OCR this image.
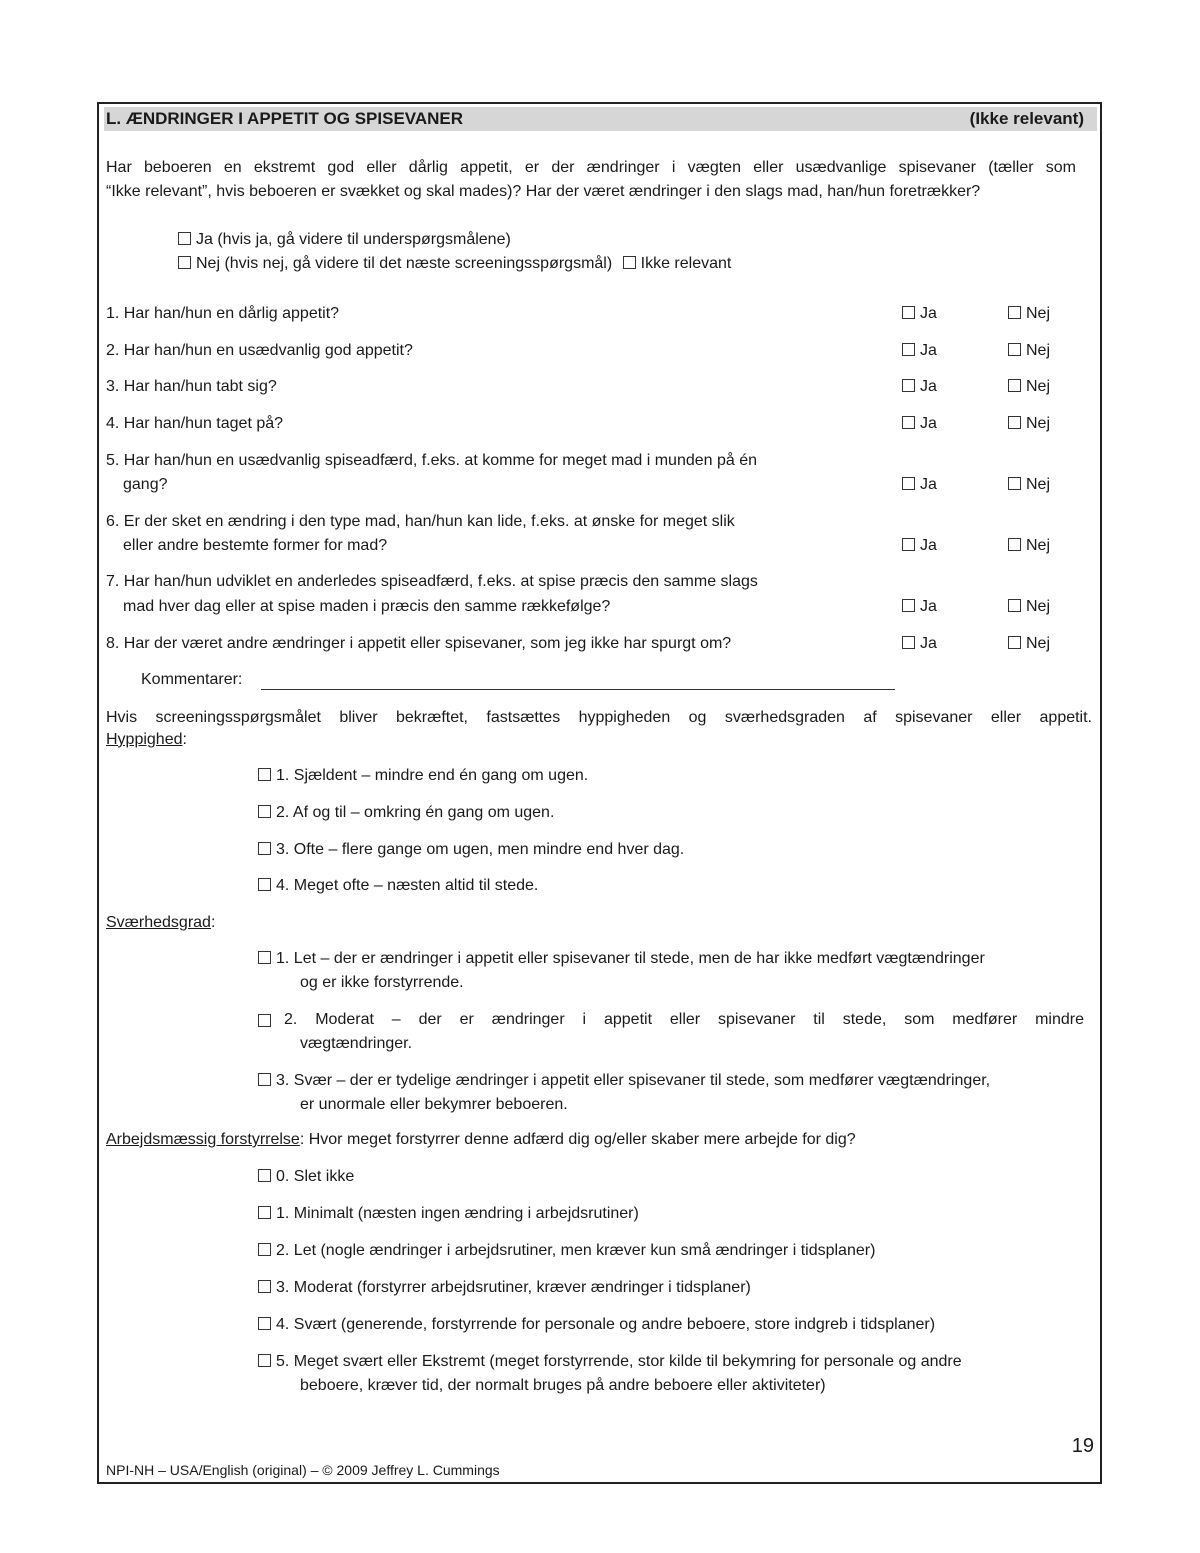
L. ÆNDRINGER I APPETIT OG SPISEVANER	(Ikke relevant)
Har beboeren en ekstremt god eller dårlig appetit, er der ændringer i vægten eller usædvanlige spisevaner (tæller som
“Ikke relevant”, hvis beboeren er svækket og skal mades)? Har der været ændringer i den slags mad, han/hun foretrækker?
Ja (hvis ja, gå videre til underspørgsmålene)
Nej (hvis nej, gå videre til det næste screeningsspørgsmål) Ikke relevant
1. Har han/hun en dårlig appetit?	Ja	Nej
2. Har han/hun en usædvanlig god appetit?	Ja	Nej
3. Har han/hun tabt sig?	Ja	Nej
4. Har han/hun taget på?	Ja	Nej
5. Har han/hun en usædvanlig spiseadfærd, f.eks. at komme for meget mad i munden på én
gang?	Ja	Nej
6. Er der sket en ændring i den type mad, han/hun kan lide, f.eks. at ønske for meget slik
eller andre bestemte former for mad?	Ja	Nej
7. Har han/hun udviklet en anderledes spiseadfærd, f.eks. at spise præcis den samme slags
mad hver dag eller at spise maden i præcis den samme rækkefølge?	Ja	Nej
8. Har der været andre ændringer i appetit eller spisevaner, som jeg ikke har spurgt om?	Ja	Nej
Kommentarer:
Hvis screeningsspørgsmålet bliver bekræftet, fastsættes hyppigheden og sværhedsgraden af spisevaner eller appetit.
Hyppighed:
1. Sjældent – mindre end én gang om ugen.
2. Af og til – omkring én gang om ugen.
3. Ofte – flere gange om ugen, men mindre end hver dag.
4. Meget ofte – næsten altid til stede.
Sværhedsgrad:
1. Let – der er ændringer i appetit eller spisevaner til stede, men de har ikke medført vægtændringer
og er ikke forstyrrende.
2. Moderat – der er ændringer i appetit eller spisevaner til stede, som medfører mindre
vægtændringer.
3. Svær – der er tydelige ændringer i appetit eller spisevaner til stede, som medfører vægtændringer,
er unormale eller bekymrer beboeren.
Arbejdsmæssig forstyrrelse: Hvor meget forstyrrer denne adfærd dig og/eller skaber mere arbejde for dig?
0. Slet ikke
1. Minimalt (næsten ingen ændring i arbejdsrutiner)
2. Let (nogle ændringer i arbejdsrutiner, men kræver kun små ændringer i tidsplaner)
3. Moderat (forstyrrer arbejdsrutiner, kræver ændringer i tidsplaner)
4. Svært (generende, forstyrrende for personale og andre beboere, store indgreb i tidsplaner)
5. Meget svært eller Ekstremt (meget forstyrrende, stor kilde til bekymring for personale og andre
beboere, kræver tid, der normalt bruges på andre beboere eller aktiviteter)
19
NPI-NH – USA/English (original) – © 2009 Jeffrey L. Cummings
